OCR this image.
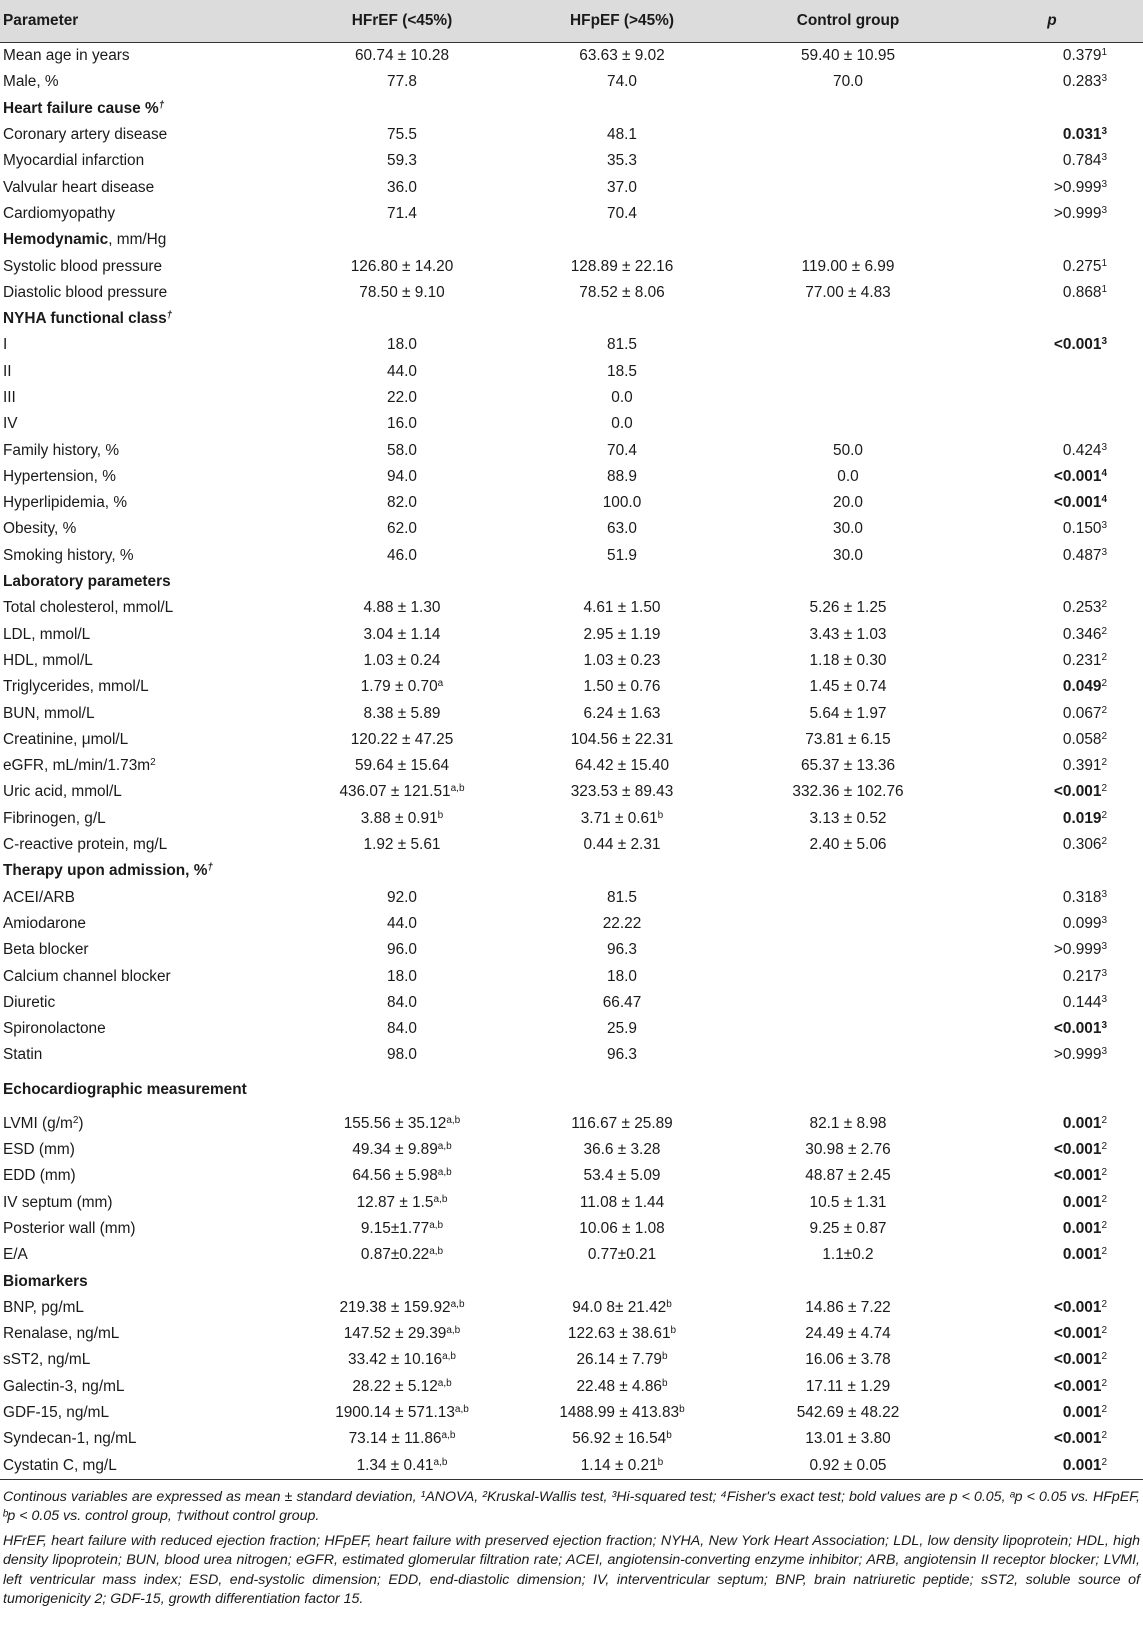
Parameter	HFrEF (<45%)	HFpEF (>45%)	Control group	p
Mean age in years	60.74 ± 10.28	63.63 ± 9.02	59.40 ± 10.95	0.379$^1$
Male, %	77.8	74.0	70.0	0.283$^3$
Heart failure cause %†				
Coronary artery disease	75.5	48.1		0.031$^3$
Myocardial infarction	59.3	35.3		0.784$^3$
Valvular heart disease	36.0	37.0		$>0.999^3$
Cardiomyopathy	71.4	70.4		$>0.999^3$
Hemodynamic, mm/Hg				
Systolic blood pressure	126.80 ± 14.20	128.89 ± 22.16	119.00 ± 6.99	0.275$^1$
Diastolic blood pressure	78.50 ± 9.10	78.52 ± 8.06	77.00 ± 4.83	0.868$^1$
NYHA functional class†				
I	18.0	81.5		$<0.001^3$
II	44.0	18.5		
III	22.0	0.0		
IV	16.0	0.0		
Family history, %	58.0	70.4	50.0	0.424$^3$
Hypertension, %	94.0	88.9	0.0	$<0.001^4$
Hyperlipidemia, %	82.0	100.0	20.0	$<0.001^4$
Obesity, %	62.0	63.0	30.0	0.150$^3$
Smoking history, %	46.0	51.9	30.0	0.487$^3$
Laboratory parameters				
Total cholesterol, mmol/L	4.88 ± 1.30	4.61 ± 1.50	5.26 ± 1.25	0.253$^2$
LDL, mmol/L	3.04 ± 1.14	2.95 ± 1.19	3.43 ± 1.03	0.346$^2$
HDL, mmol/L	1.03 ± 0.24	1.03 ± 0.23	1.18 ± 0.30	0.231$^2$
Triglycerides, mmol/L	1.79 ± 0.70$^a$	1.50 ± 0.76	1.45 ± 0.74	0.049$^2$
BUN, mmol/L	8.38 ± 5.89	6.24 ± 1.63	5.64 ± 1.97	0.067$^2$
Creatinine, μmol/L	120.22 ± 47.25	104.56 ± 22.31	73.81 ± 6.15	0.058$^2$
eGFR, $mL/\min/1.73m^2$	59.64 ± 15.64	64.42 ± 15.40	65.37 ± 13.36	0.391$^2$
Uric acid, mmol/L	$436.07 \pm 121.51^{a,b}$	323.53 ± 89.43	332.36 ± 102.76	$<0.001^2$
Fibrinogen, g/L	3.88 ± 0.91$^b$	3.71 ± 0.61$^b$	3.13 ± 0.52	0.019$^2$
C-reactive protein, mg/L	1.92 ± 5.61	0.44 ± 2.31	2.40 ± 5.06	0.306$^2$
Therapy upon admission, %†				
ACEI/ARB	92.0	81.5		0.318$^3$
Amiodarone	44.0	22.22		0.099$^3$
Beta blocker	96.0	96.3		$>0.999^3$
Calcium channel blocker	18.0	18.0		0.217$^3$
Diuretic	84.0	66.47		0.144$^3$
Spironolactone	84.0	25.9		$<0.001^3$
Statin	98.0	96.3		$>0.999^3$
Echocardiographic measurement				
LVMI $(g/m^2)$	$155.56 \pm 35.12^{a,b}$	116.67 ± 25.89	82.1 ± 8.98	0.001$^2$
ESD (mm)	$49.34 \pm 9.89^{a,b}$	36.6 ± 3.28	30.98 ± 2.76	$<0.001^2$
EDD (mm)	$64.56 \pm 5.98^{a,b}$	53.4 ± 5.09	48.87 ± 2.45	$<0.001^2$
IV septum (mm)	$12.87 \pm 1.5^{a,b}$	11.08 ± 1.44	10.5 ± 1.31	0.001$^2$
Posterior wall (mm)	$9.15\pm 1.77^{a,b}$	10.06 ± 1.08	9.25 ± 0.87	0.001$^2$
E/A	$0.87\pm 0.22^{a,b}$	0.77±0.21	1.1±0.2	0.001$^2$
Biomarkers				
BNP, pg/mL	$219.38 \pm 159.92^{a,b}$	94.0 8± 21.42$^b$	14.86 ± 7.22	$<0.001^2$
Renalase, ng/mL	$147.52 \pm 29.39^{a,b}$	122.63 ± 38.61$^b$	24.49 ± 4.74	$<0.001^2$
sST2, ng/mL	$33.42 \pm 10.16^{a,b}$	26.14 ± 7.79$^b$	16.06 ± 3.78	$<0.001^2$
Galectin-3, ng/mL	$28.22 \pm 5.12^{a,b}$	22.48 ± 4.86$^b$	17.11 ± 1.29	$<0.001^2$
GDF-15, ng/mL	$1900.14 \pm 571.13^{a,b}$	1488.99 ± 413.83$^b$	542.69 ± 48.22	0.001$^2$
Syndecan-1, ng/mL	$73.14 \pm 11.86^{a,b}$	56.92 ± 16.54$^b$	13.01 ± 3.80	$<0.001^2$
Cystatin C, mg/L	$1.34 \pm 0.41^{a,b}$	1.14 ± 0.21$^b$	0.92 ± 0.05	0.001$^2$

Continous variables are expressed as mean ± standard deviation, ¹ANOVA, ²Kruskal-Wallis test, ³Hi-squared test; ⁴Fisher's exact test; bold values are p < 0.05, ᵃp < 0.05 vs. HFpEF, ᵇp < 0.05 vs. control group, †without control group.

HFrEF, heart failure with reduced ejection fraction; HFpEF, heart failure with preserved ejection fraction; NYHA, New York Heart Association; LDL, low density lipoprotein; HDL, high density lipoprotein; BUN, blood urea nitrogen; eGFR, estimated glomerular filtration rate; ACEI, angiotensin-converting enzyme inhibitor; ARB, angiotensin II receptor blocker; LVMI, left ventricular mass index; ESD, end-systolic dimension; EDD, end-diastolic dimension; IV, interventricular septum; BNP, brain natriuretic peptide; sST2, soluble source of tumorigenicity 2; GDF-15, growth differentiation factor 15.
